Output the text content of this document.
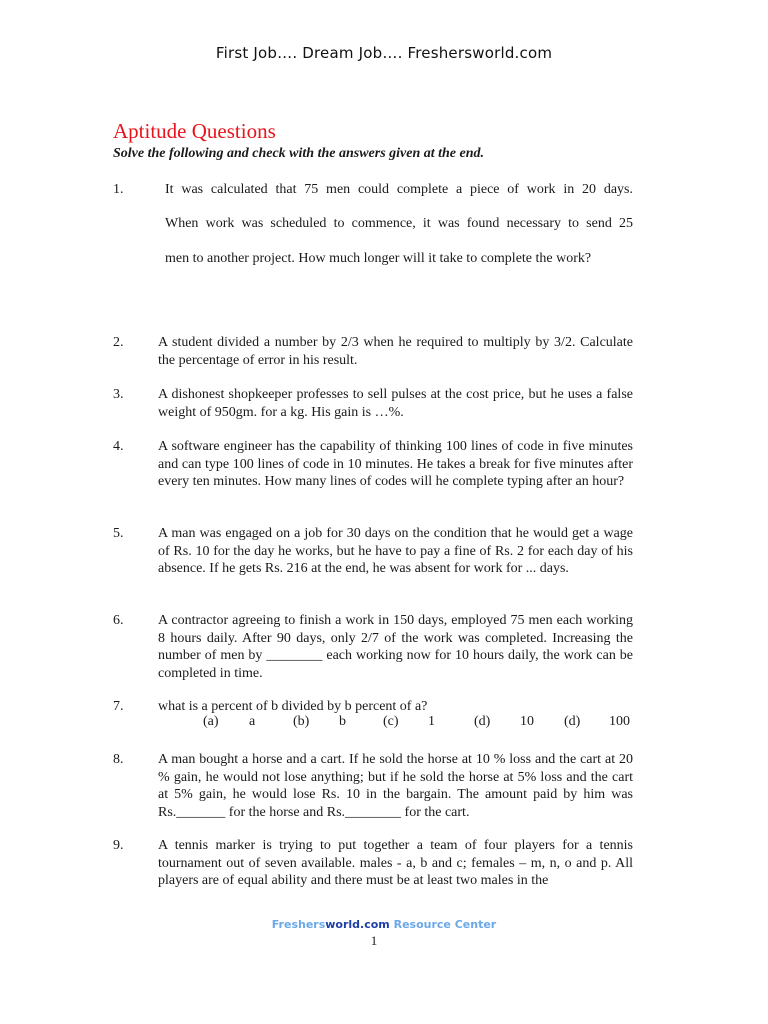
First Job…. Dream Job…. Freshersworld.com
Aptitude Questions
Solve the following and check with the answers given at the end.
1.	It was calculated that 75 men could complete a piece of work in 20 days.

When work was scheduled to commence, it was found necessary to send 25

men to another project. How much longer will it take to complete the work?

2. A student divided a number by 2/3 when he required to multiply by 3/2. Calculate the percentage of error in his result.
3. A dishonest shopkeeper professes to sell pulses at the cost price, but he uses a false weight of 950gm. for a kg. His gain is …%.
4. A software engineer has the capability of thinking 100 lines of code in five minutes and can type 100 lines of code in 10 minutes. He takes a break for five minutes after every ten minutes. How many lines of codes will he complete typing after an hour?
5. A man was engaged on a job for 30 days on the condition that he would get a wage of Rs. 10 for the day he works, but he have to pay a fine of Rs. 2 for each day of his absence. If he gets Rs. 216 at the end, he was absent for work for ... days.
6. A contractor agreeing to finish a work in 150 days, employed 75 men each working 8 hours daily. After 90 days, only 2/7 of the work was completed. Increasing the number of men by ________ each working now for 10 hours daily, the work can be completed in time.
7. what is a percent of b divided by b percent of a?
(a) a	(b) b	(c) 1	(d) 10 (d) 100
8. A man bought a horse and a cart. If he sold the horse at 10 % loss and the cart at 20 % gain, he would not lose anything; but if he sold the horse at 5% loss and the cart at 5% gain, he would lose Rs. 10 in the bargain. The amount paid by him was Rs._______ for the horse and Rs.________ for the cart.
9. A tennis marker is trying to put together a team of four players for a tennis tournament out of seven available. males - a, b and c; females – m, n, o and p. All players are of equal ability and there must be at least two males in the
Freshersworld.com Resource Center
1
